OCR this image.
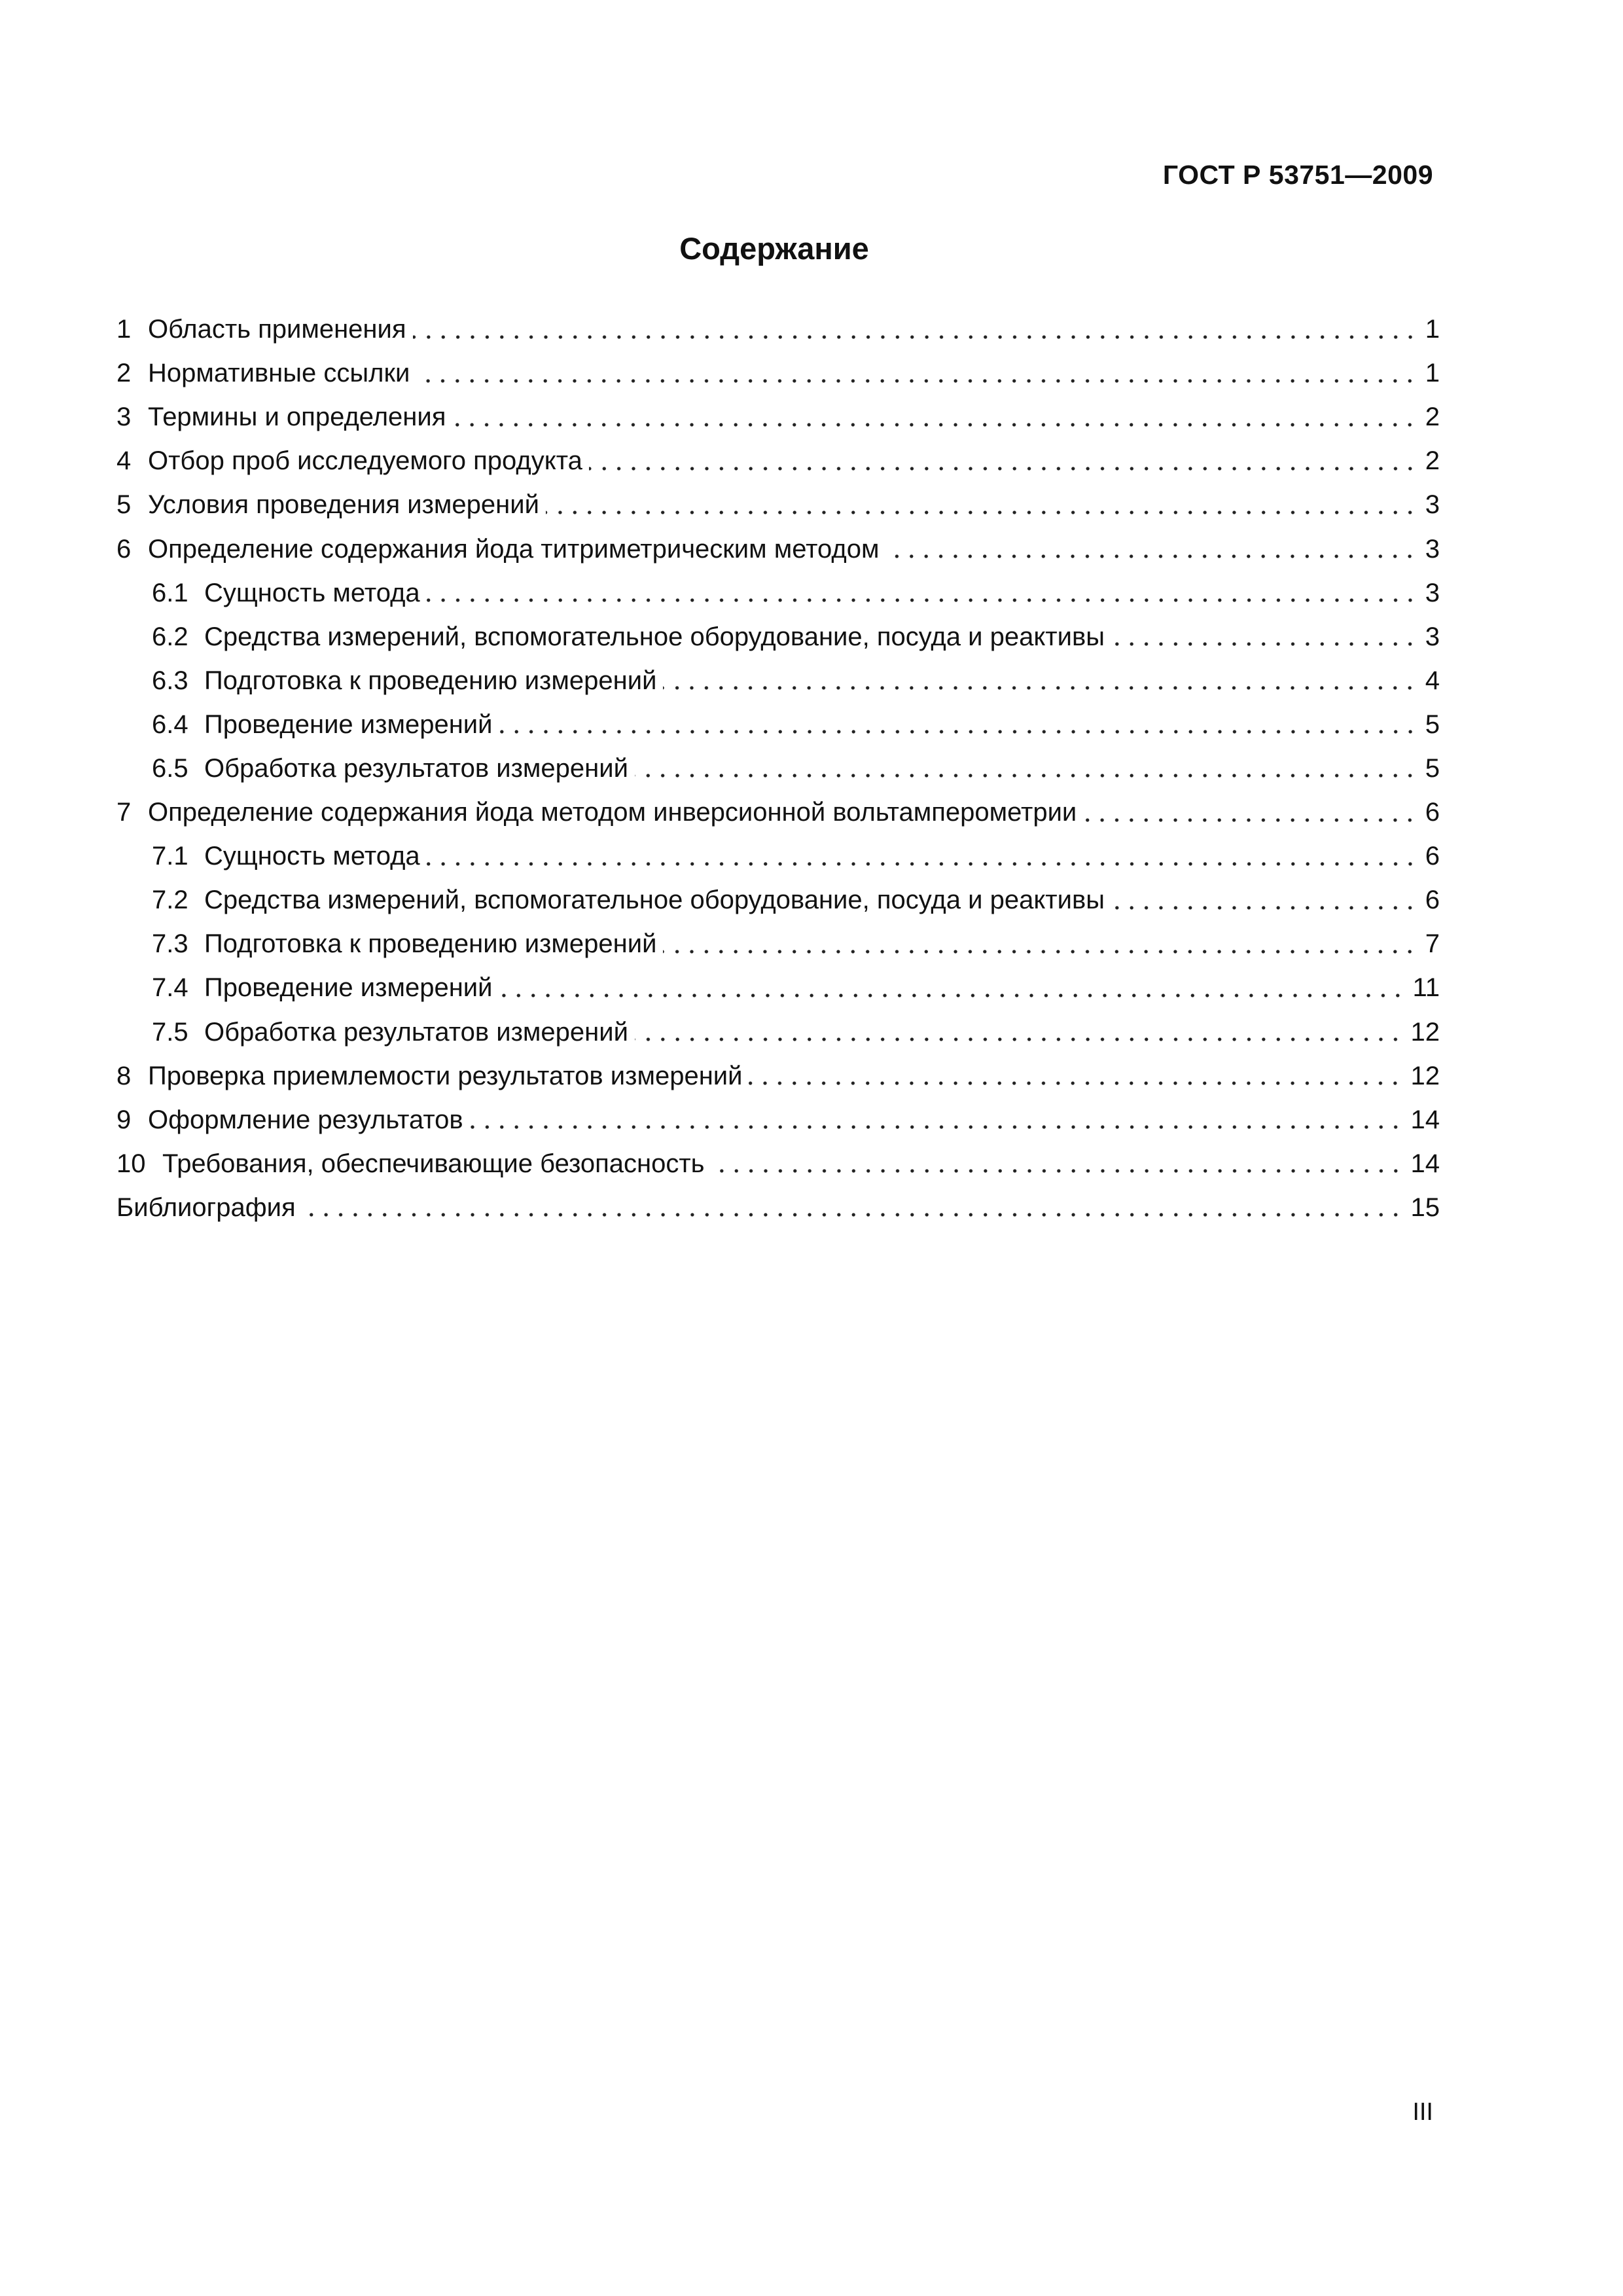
ГОСТ Р 53751—2009
Содержание
1 Область применения	1
2 Нормативные ссылки	1
3 Термины и определения	2
4 Отбор проб исследуемого продукта	2
5 Условия проведения измерений	3
6 Определение содержания йода титриметрическим методом	3
6.1 Сущность метода	3
6.2 Средства измерений, вспомогательное оборудование, посуда и реактивы	3
6.3 Подготовка к проведению измерений	4
6.4 Проведение измерений	5
6.5 Обработка результатов измерений	5
7 Определение содержания йода методом инверсионной вольтамперометрии	6
7.1 Сущность метода	6
7.2 Средства измерений, вспомогательное оборудование, посуда и реактивы	6
7.3 Подготовка к проведению измерений	7
7.4 Проведение измерений	11
7.5 Обработка результатов измерений	12
8 Проверка приемлемости результатов измерений	12
9 Оформление результатов	14
10 Требования, обеспечивающие безопасность	14
Библиография	15
III
